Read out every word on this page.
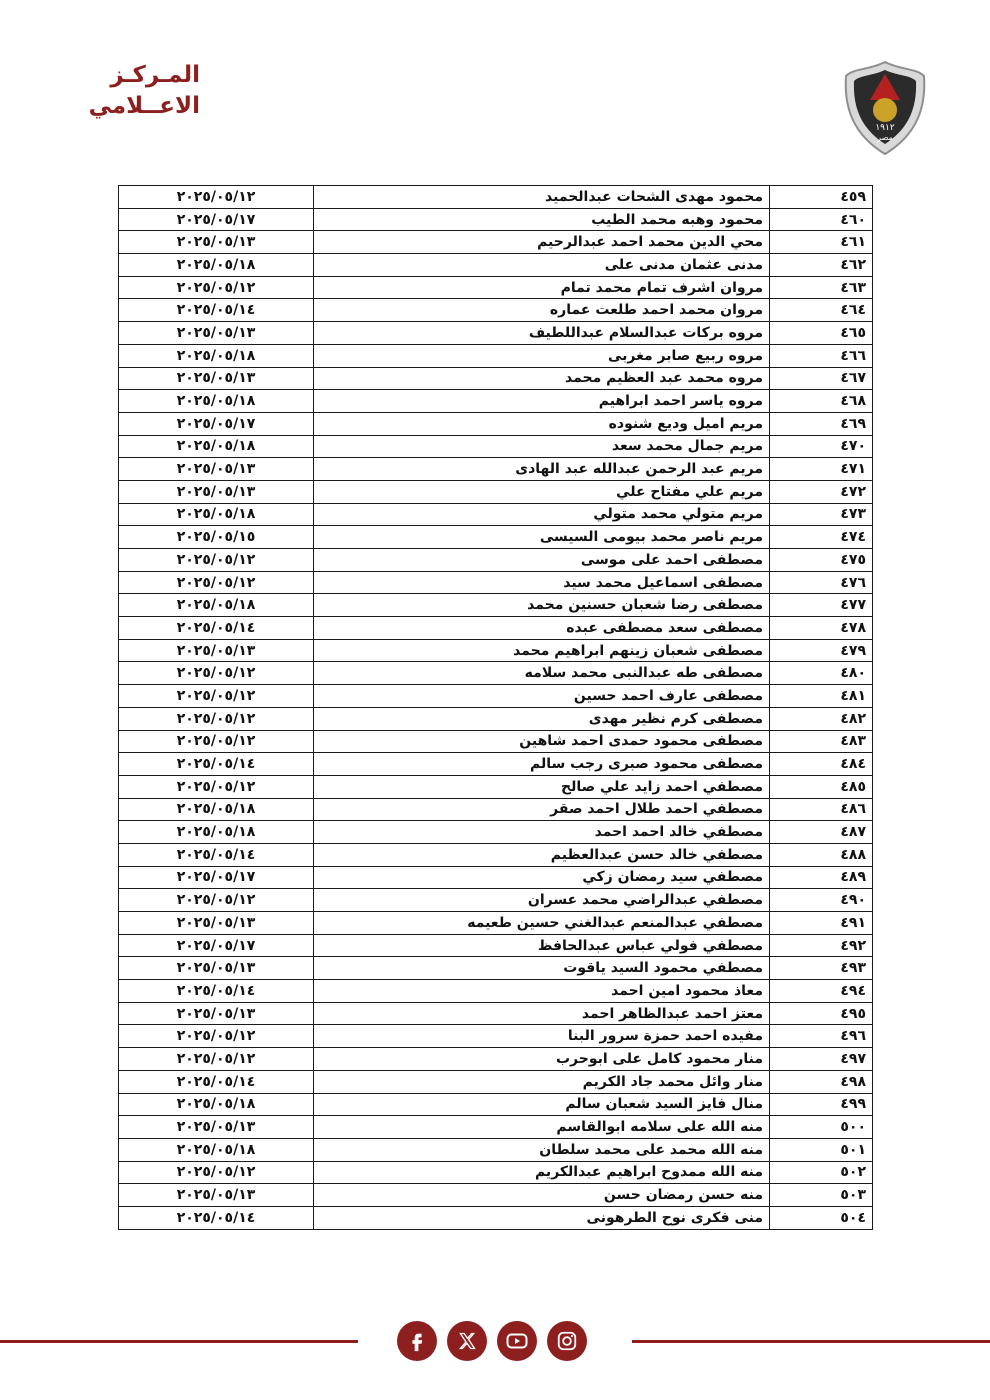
المـركـز
الاعــلامي
١٩١٢
مصر
٤٥٩	محمود مهدى الشحات عبدالحميد	٢٠٢٥/٠٥/١٢
٤٦٠	محمود وهبه محمد الطيب	٢٠٢٥/٠٥/١٧
٤٦١	محي الدين محمد احمد عبدالرحيم	٢٠٢٥/٠٥/١٣
٤٦٢	مدنى عثمان مدنى على	٢٠٢٥/٠٥/١٨
٤٦٣	مروان اشرف تمام محمد تمام	٢٠٢٥/٠٥/١٢
٤٦٤	مروان محمد احمد طلعت عماره	٢٠٢٥/٠٥/١٤
٤٦٥	مروه بركات عبدالسلام عبداللطيف	٢٠٢٥/٠٥/١٣
٤٦٦	مروه ربيع صابر مغربى	٢٠٢٥/٠٥/١٨
٤٦٧	مروه محمد عبد العظيم محمد	٢٠٢٥/٠٥/١٣
٤٦٨	مروه ياسر احمد ابراهيم	٢٠٢٥/٠٥/١٨
٤٦٩	مريم اميل وديع شنوده	٢٠٢٥/٠٥/١٧
٤٧٠	مريم جمال محمد سعد	٢٠٢٥/٠٥/١٨
٤٧١	مريم عبد الرحمن عبدالله عبد الهادى	٢٠٢٥/٠٥/١٣
٤٧٢	مريم علي مفتاح علي	٢٠٢٥/٠٥/١٣
٤٧٣	مريم متولي محمد متولي	٢٠٢٥/٠٥/١٨
٤٧٤	مريم ناصر محمد بيومى السيسى	٢٠٢٥/٠٥/١٥
٤٧٥	مصطفى احمد على موسى	٢٠٢٥/٠٥/١٢
٤٧٦	مصطفى اسماعيل محمد سيد	٢٠٢٥/٠٥/١٢
٤٧٧	مصطفى رضا شعبان حسنين محمد	٢٠٢٥/٠٥/١٨
٤٧٨	مصطفى سعد مصطفى عبده	٢٠٢٥/٠٥/١٤
٤٧٩	مصطفى شعبان زينهم ابراهيم محمد	٢٠٢٥/٠٥/١٣
٤٨٠	مصطفى طه عبدالنبى محمد سلامه	٢٠٢٥/٠٥/١٢
٤٨١	مصطفى عارف احمد حسين	٢٠٢٥/٠٥/١٢
٤٨٢	مصطفى كرم نظير مهدى	٢٠٢٥/٠٥/١٢
٤٨٣	مصطفى محمود حمدى احمد شاهين	٢٠٢٥/٠٥/١٢
٤٨٤	مصطفى محمود صبرى رجب سالم	٢٠٢٥/٠٥/١٤
٤٨٥	مصطفي احمد زايد علي صالح	٢٠٢٥/٠٥/١٢
٤٨٦	مصطفي احمد طلال احمد صقر	٢٠٢٥/٠٥/١٨
٤٨٧	مصطفي خالد احمد احمد	٢٠٢٥/٠٥/١٨
٤٨٨	مصطفي خالد حسن عبدالعظيم	٢٠٢٥/٠٥/١٤
٤٨٩	مصطفي سيد رمضان زكي	٢٠٢٥/٠٥/١٧
٤٩٠	مصطفي عبدالراضي محمد عسران	٢٠٢٥/٠٥/١٢
٤٩١	مصطفي عبدالمنعم عبدالغني حسين طعيمه	٢٠٢٥/٠٥/١٣
٤٩٢	مصطفي فولي عباس عبدالحافظ	٢٠٢٥/٠٥/١٧
٤٩٣	مصطفي محمود السيد ياقوت	٢٠٢٥/٠٥/١٣
٤٩٤	معاذ محمود امين احمد	٢٠٢٥/٠٥/١٤
٤٩٥	معتز احمد عبدالظاهر احمد	٢٠٢٥/٠٥/١٣
٤٩٦	مفيده احمد حمزة سرور البنا	٢٠٢٥/٠٥/١٢
٤٩٧	منار محمود كامل على ابوحرب	٢٠٢٥/٠٥/١٢
٤٩٨	منار وائل محمد جاد الكريم	٢٠٢٥/٠٥/١٤
٤٩٩	منال فايز السيد شعبان سالم	٢٠٢٥/٠٥/١٨
٥٠٠	منه الله على سلامه ابوالقاسم	٢٠٢٥/٠٥/١٣
٥٠١	منه الله محمد على محمد سلطان	٢٠٢٥/٠٥/١٨
٥٠٢	منه الله ممدوح ابراهيم عبدالكريم	٢٠٢٥/٠٥/١٢
٥٠٣	منه حسن رمضان حسن	٢٠٢٥/٠٥/١٣
٥٠٤	منى فكرى نوح الطرهونى	٢٠٢٥/٠٥/١٤
